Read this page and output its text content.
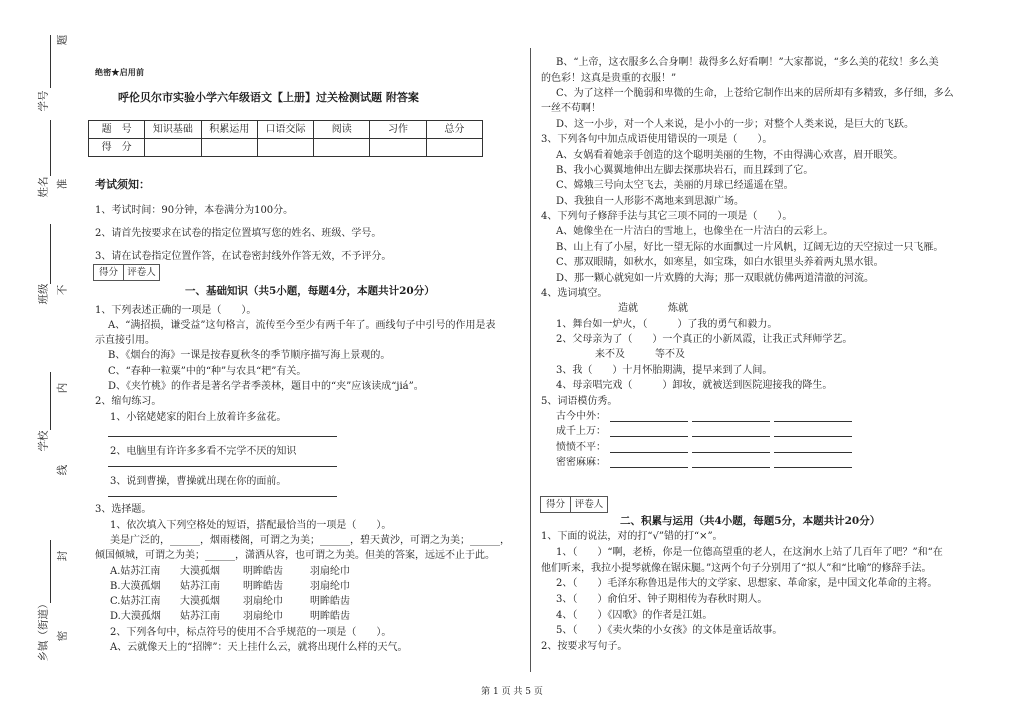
题
准
不
内
线
封
密
学号
姓名
班级
学校
乡镇（街道）
绝密★启用前
呼伦贝尔市实验小学六年级语文【上册】过关检测试题 附答案
题　号	知识基础	积累运用	口语交际	阅读	习作	总分
得　分						
考试须知：
1、考试时间：90分钟，本卷满分为100分。
2、请首先按要求在试卷的指定位置填写您的姓名、班级、学号。
3、请在试卷指定位置作答，在试卷密封线外作答无效，不予评分。
得分	评卷人
一、基础知识（共5小题，每题4分，本题共计20分）
1、下列表述正确的一项是（　　）。
A、“满招损，谦受益”这句格言，流传至今至少有两千年了。画线句子中引号的作用是表
示直接引用。
B、《烟台的海》一课是按春夏秋冬的季节顺序描写海上景观的。
C、“春种一粒粟”中的“种”与农具“耙”有关。
D、《夹竹桃》的作者是著名学者季羡林，题目中的“夹”应该读成“jiá”。
2、缩句练习。
1、小铭姥姥家的阳台上放着许多盆花。
2、电脑里有许许多多看不完学不厌的知识
3、说到曹操，曹操就出现在你的面前。
3、选择题。
1、依次填入下列空格处的短语，搭配最恰当的一项是（　　）。
美是广泛的，______，烟雨楼阁，可谓之为美；______，碧天黄沙，可谓之为美；______，
倾国倾城，可谓之为美；______，潇洒从容，也可谓之为美。但美的答案，远远不止于此。
A.姑苏江南 大漠孤烟 明眸皓齿	羽扇纶巾
B.大漠孤烟 姑苏江南 明眸皓齿	羽扇纶巾
C.姑苏江南 大漠孤烟 羽扇纶巾	明眸皓齿
D.大漠孤烟 姑苏江南 羽扇纶巾	明眸皓齿
2、下列各句中，标点符号的使用不合乎规范的一项是（　　）。
A、云就像天上的“招牌”：天上挂什么云，就将出现什么样的天气。
B、“上帝，这衣服多么合身啊！裁得多么好看啊！”大家都说，“多么美的花纹！多么美
的色彩！这真是贵重的衣服！”
C、为了这样一个脆弱和卑微的生命，上苍给它制作出来的居所却有多精致，多仔细，多么
一丝不苟啊！
D、这一小步，对一个人来说，是小小的一步；对整个人类来说，是巨大的飞跃。
3、下列各句中加点成语使用错误的一项是（　　）。
A、女娲看着她亲手创造的这个聪明美丽的生物，不由得满心欢喜，眉开眼笑。
B、我小心翼翼地伸出左脚去探那块岩石，而且踩到了它。
C、嫦娥三号向太空飞去，美丽的月球已经遥遥在望。
D、我独自一人形影不离地来到思源广场。
4、下列句子修辞手法与其它三项不同的一项是（　　）。
A、她像坐在一片洁白的雪地上，也像坐在一片洁白的云彩上。
B、山上有了小屋，好比一望无际的水面飘过一片风帆，辽阔无边的天空掠过一只飞雁。
C、那双眼睛，如秋水，如寒星，如宝珠，如白水银里头养着两丸黑水银。
D、那一颗心就宛如一片欢腾的大海；那一双眼就仿佛两道清澈的河流。
4、选词填空。
造就	炼就
1、舞台如一炉火，（　　　）了我的勇气和毅力。
2、父母亲为了（　　）一个真正的小新凤霞，让我正式拜师学艺。
来不及	等不及
3、我（　　）十月怀胎期满，提早来到了人间。
4、母亲唱完戏（　　　）卸妆，就被送到医院迎接我的降生。
5、词语模仿秀。
古今中外：
成千上万：
愤愤不平：
密密麻麻：
得分	评卷人
二、积累与运用（共4小题，每题5分，本题共计20分）
1、下面的说法，对的打“√”错的打“×”。
1、（　　）“啊，老桥，你是一位德高望重的老人，在这涧水上站了几百年了吧？”和“在
他们听来，我拉小提琴就像在锯床腿。”这两个句子分别用了“拟人”和“比喻”的修辞手法。
2、（　　）毛泽东称鲁迅是伟大的文学家、思想家、革命家，是中国文化革命的主将。
3、（　　）俞伯牙、钟子期相传为春秋时期人。
4、（　　）《囚歌》的作者是江姐。
5、（　　）《卖火柴的小女孩》的文体是童话故事。
2、按要求写句子。
第 1 页 共 5 页
